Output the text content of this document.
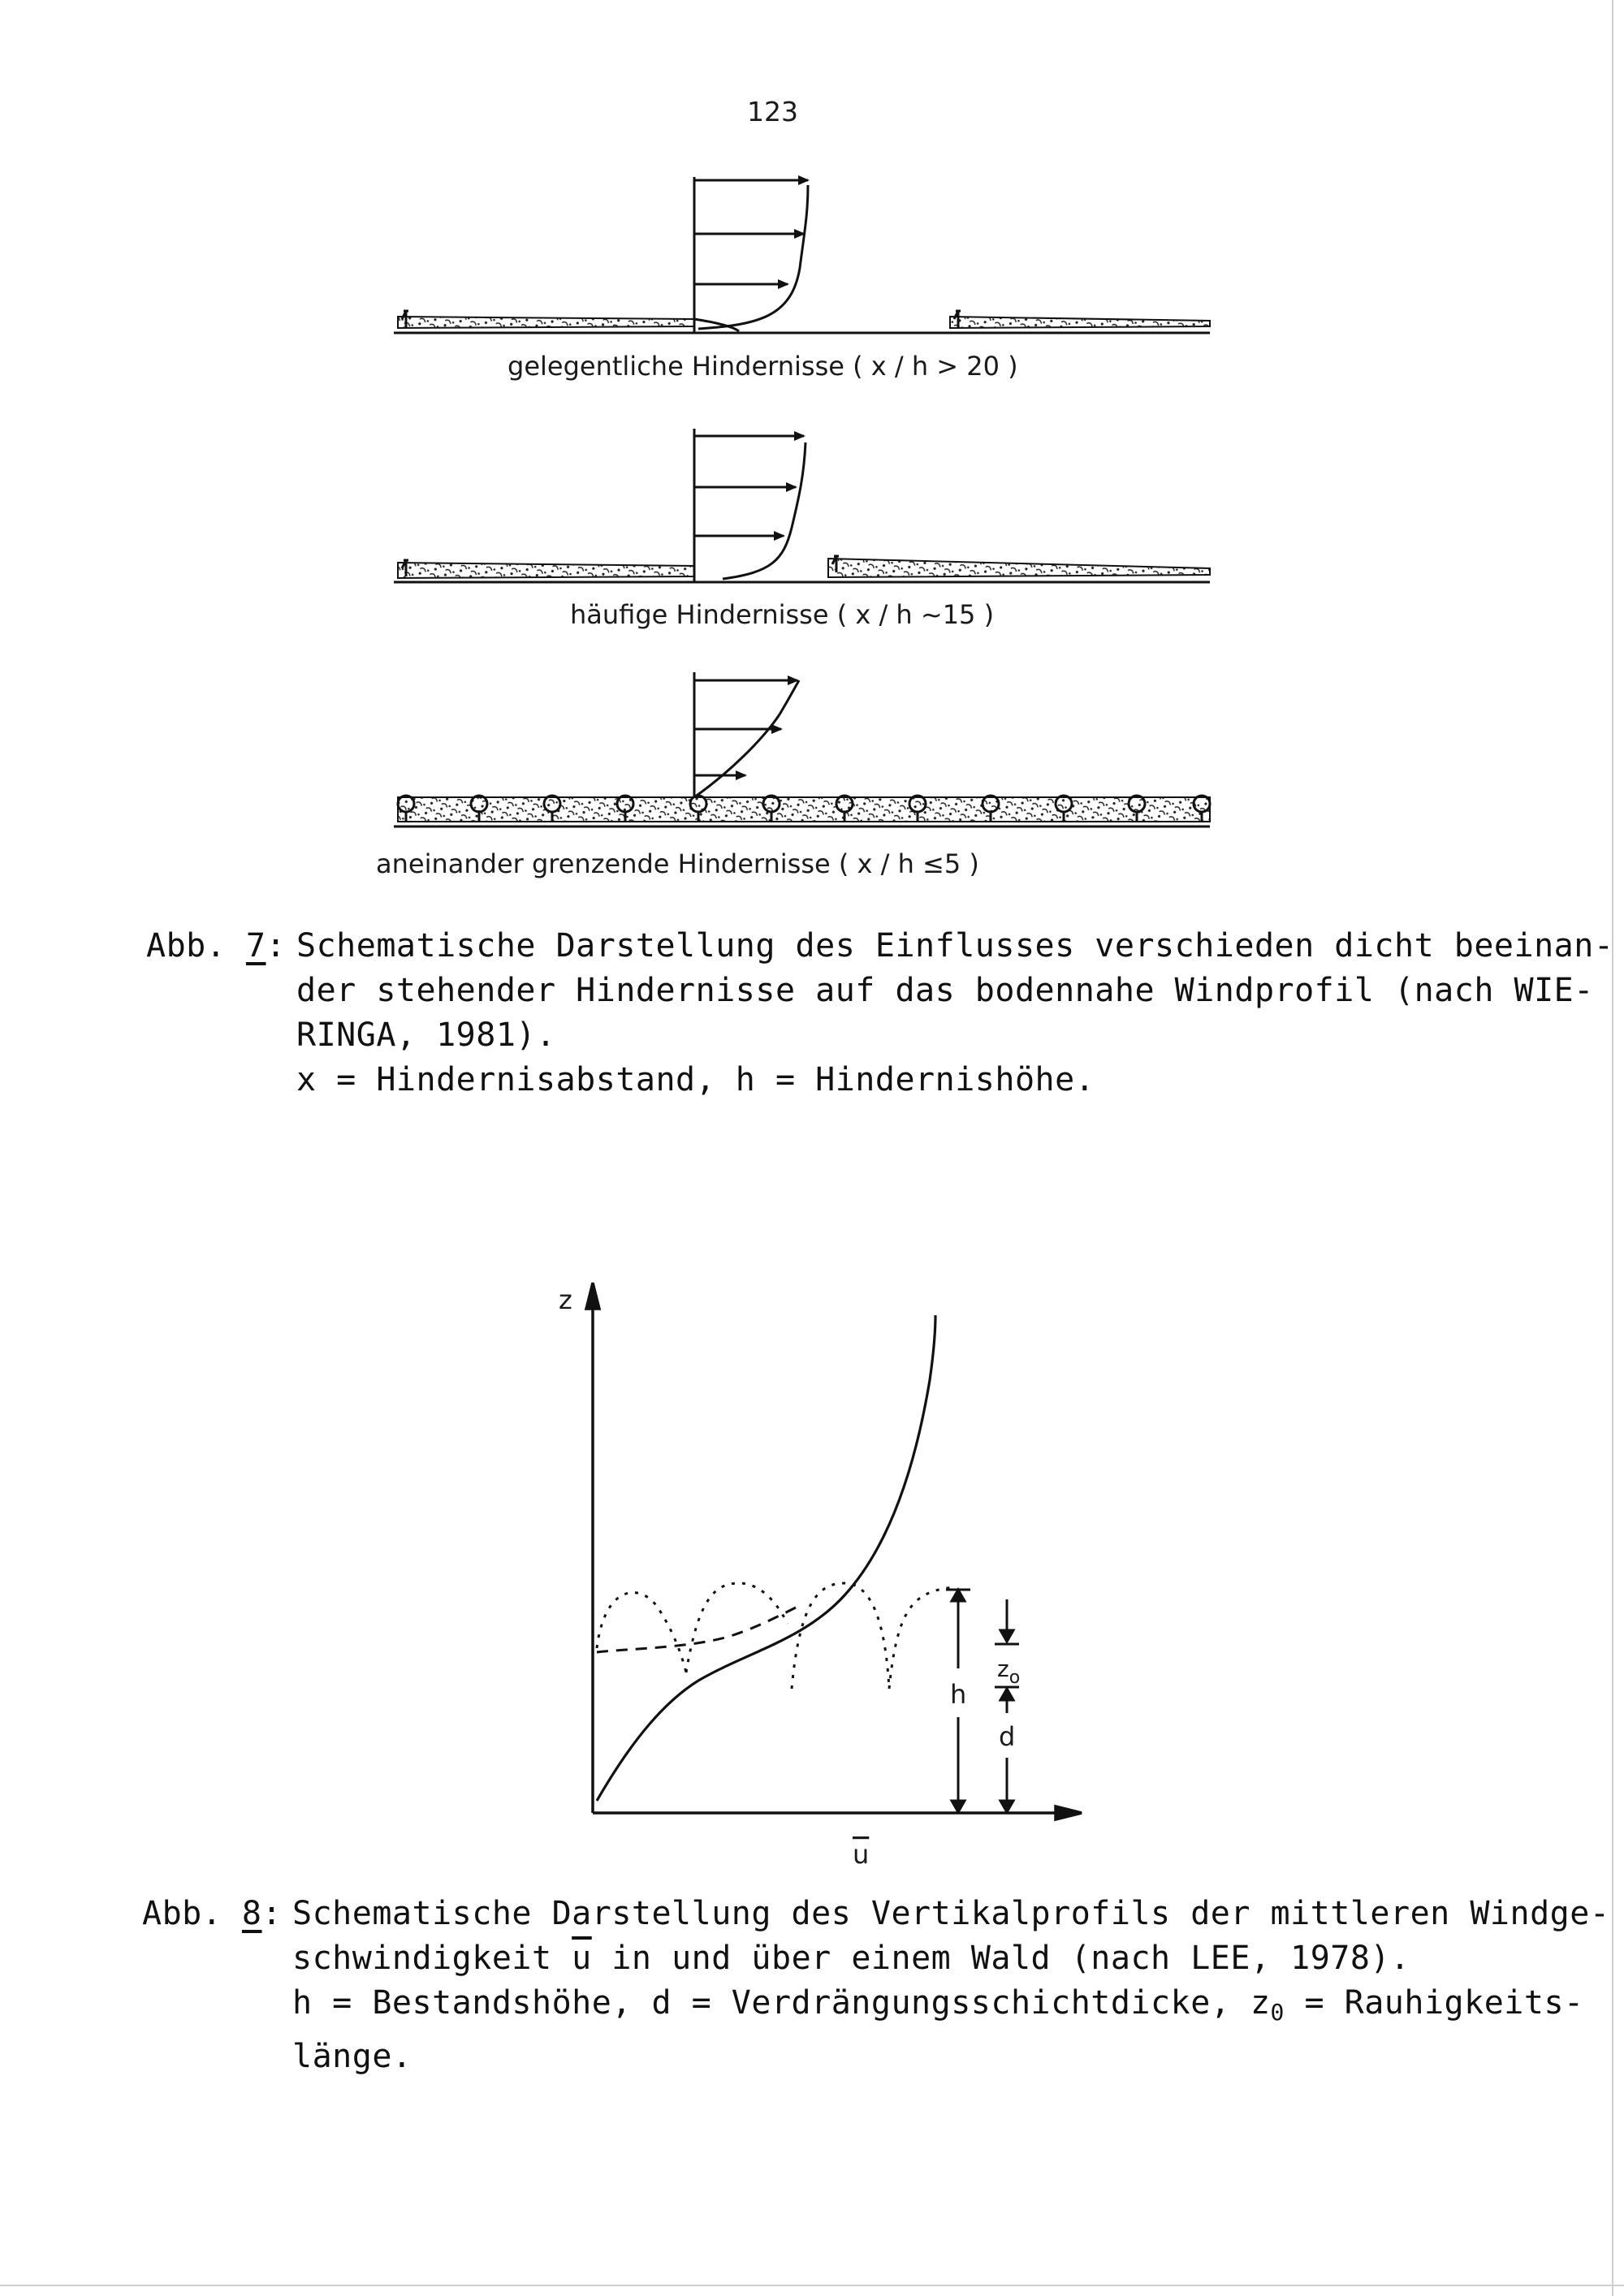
123
gelegentliche Hindernisse ( x / h > 20 )
häufige Hindernisse ( x / h ~15 )
aneinander grenzende Hindernisse ( x / h ≤5 )
Abb. 7: Schematische Darstellung des Einflusses verschieden dicht beeinan-
der stehender Hindernisse auf das bodennahe Windprofil (nach WIE-
RINGA, 1981).
x = Hindernisabstand, h = Hindernishöhe.
h
$z_o$
d
z
u
Abb. 8: Schematische Darstellung des Vertikalprofils der mittleren Windge-
schwindigkeit $\overline{u}$ in und über einem Wald (nach LEE, 1978).
h = Bestandshöhe, d = Verdrängungsschichtdicke, $z_0$ = Rauhigkeits-
länge.
